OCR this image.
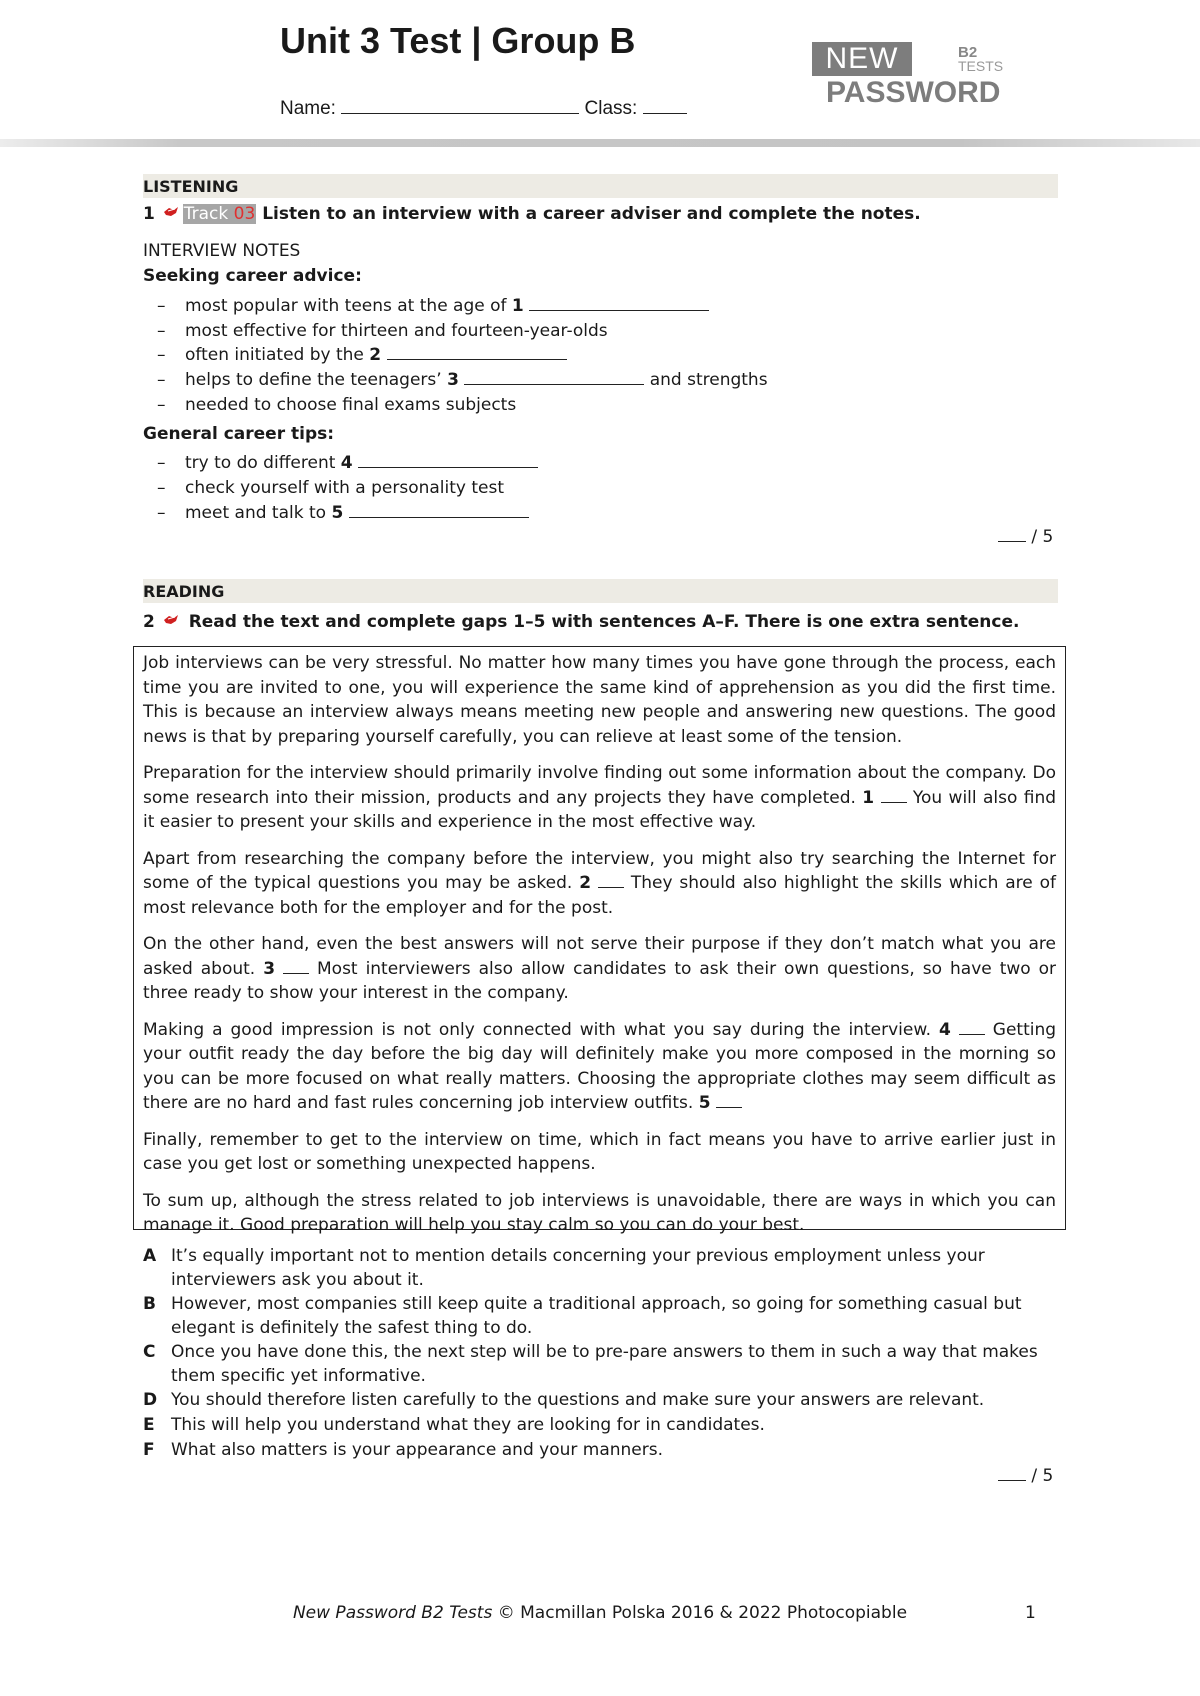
Unit 3 Test | Group B
Name:	Class:
NEW	B2
TESTS
PASSWORD
LISTENING
1 Track 03 Listen to an interview with a career adviser and complete the notes.
INTERVIEW NOTES
Seeking career advice:
– most popular with teens at the age of 1
– most effective for thirteen and fourteen-year-olds
– often initiated by the 2
– helps to define the teenagers’ 3	and strengths
– needed to choose final exams subjects
General career tips:
– try to do different 4
– check yourself with a personality test
– meet and talk to 5
/ 5
READING
2 Read the text and complete gaps 1–5 with sentences A–F. There is one extra sentence.

Job interviews can be very stressful. No matter how many times you have gone through the process, each time you are invited to one, you will experience the same kind of apprehension as you did the first time. This is because an interview always means meeting new people and answering new questions. The good news is that by preparing yourself carefully, you can relieve at least some of the tension.

Preparation for the interview should primarily involve finding out some information about the company. Do some research into their mission, products and any projects they have completed. 1 You will also find it easier to present your skills and experience in the most effective way.

Apart from researching the company before the interview, you might also try searching the Internet for some of the typical questions you may be asked. 2 They should also highlight the skills which are of most relevance both for the employer and for the post.

On the other hand, even the best answers will not serve their purpose if they don’t match what you are asked about. 3 Most interviewers also allow candidates to ask their own questions, so have two or three ready to show your interest in the company.

Making a good impression is not only connected with what you say during the interview. 4 Getting your outfit ready the day before the big day will definitely make you more composed in the morning so you can be more focused on what really matters. Choosing the appropriate clothes may seem difficult as there are no hard and fast rules concerning job interview outfits. 5

Finally, remember to get to the interview on time, which in fact means you have to arrive earlier just in case you get lost or something unexpected happens.

To sum up, although the stress related to job interviews is unavoidable, there are ways in which you can manage it. Good preparation will help you stay calm so you can do your best.

A It’s equally important not to mention details concerning your previous employment unless your interviewers ask you about it.
B However, most companies still keep quite a traditional approach, so going for something casual but elegant is definitely the safest thing to do.
C Once you have done this, the next step will be to pre-pare answers to them in such a way that makes them specific yet informative.
D You should therefore listen carefully to the questions and make sure your answers are relevant.
E This will help you understand what they are looking for in candidates.
F What also matters is your appearance and your manners.
/ 5
New Password B2 Tests © Macmillan Polska 2016 & 2022 Photocopiable	1
